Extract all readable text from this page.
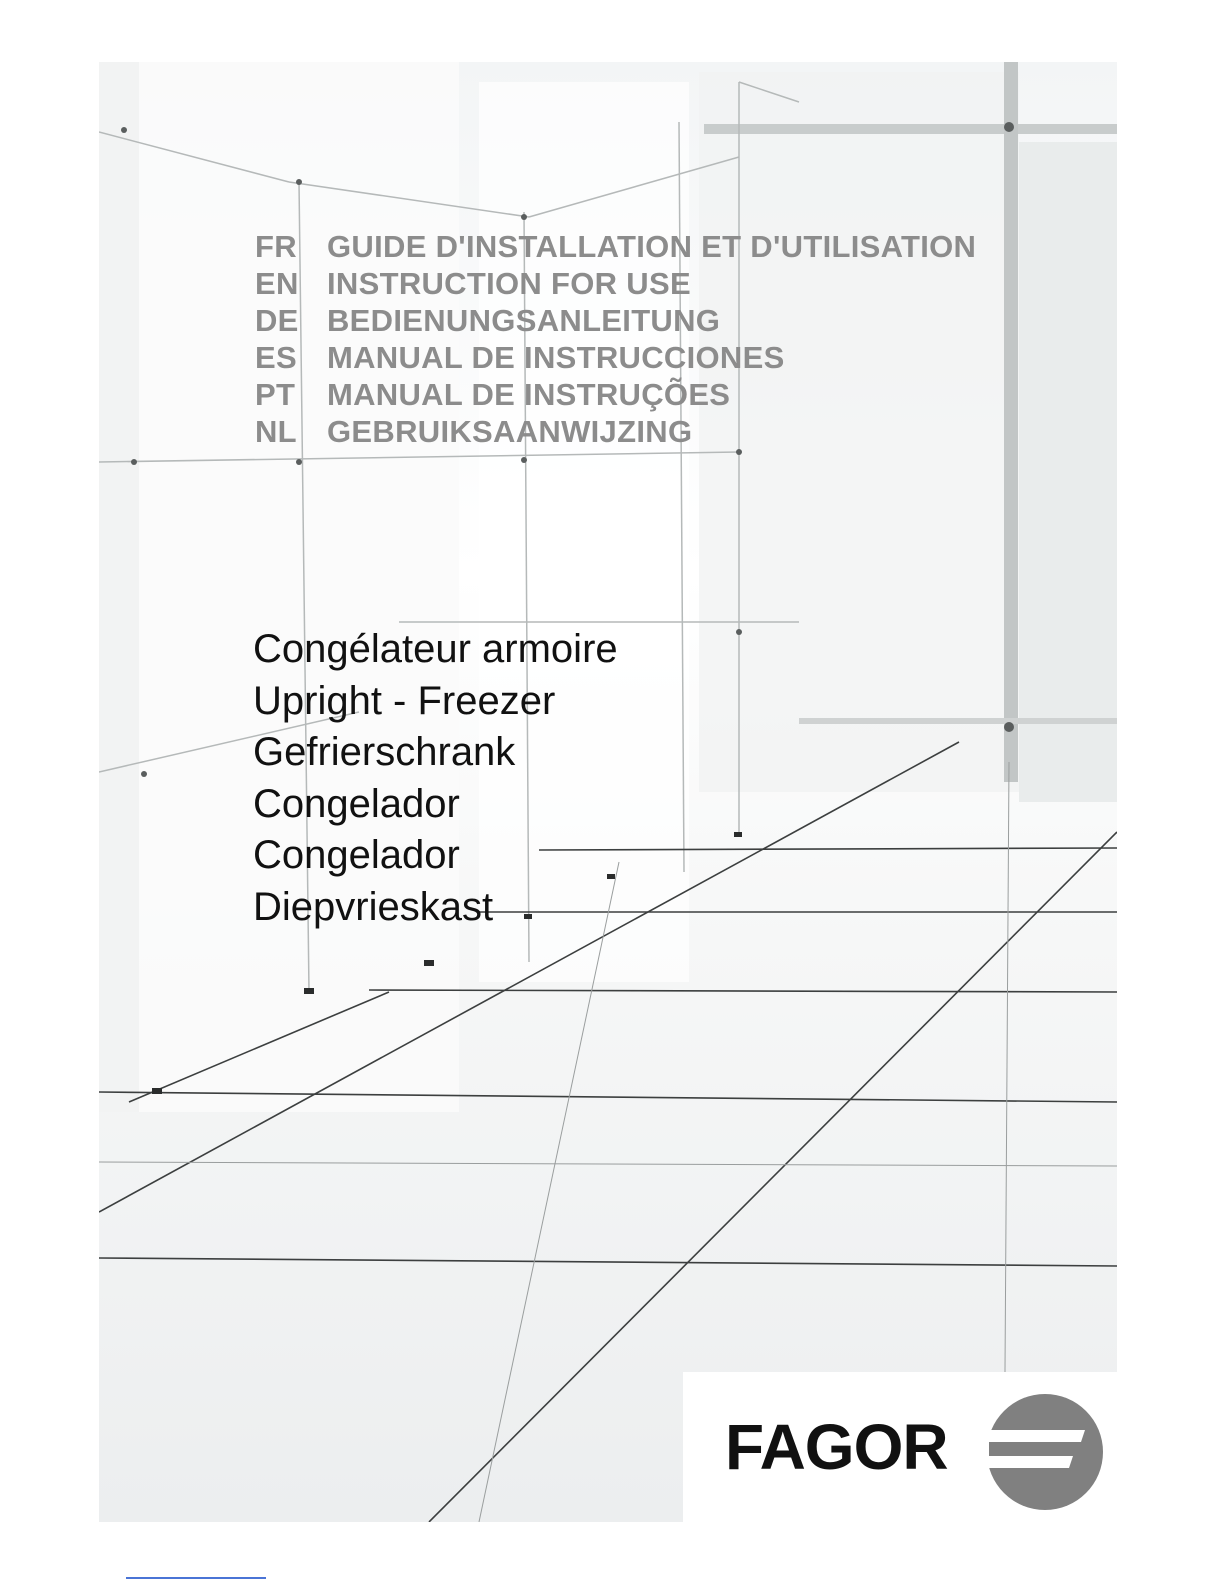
FR GUIDE D'INSTALLATION ET D'UTILISATION
EN INSTRUCTION FOR USE
DE BEDIENUNGSANLEITUNG
ES MANUAL DE INSTRUCCIONES
PT MANUAL DE INSTRUÇÕES
NL GEBRUIKSAANWIJZING
Congélateur armoire
Upright - Freezer
Gefrierschrank
Congelador
Congelador
Diepvrieskast
FAGOR
